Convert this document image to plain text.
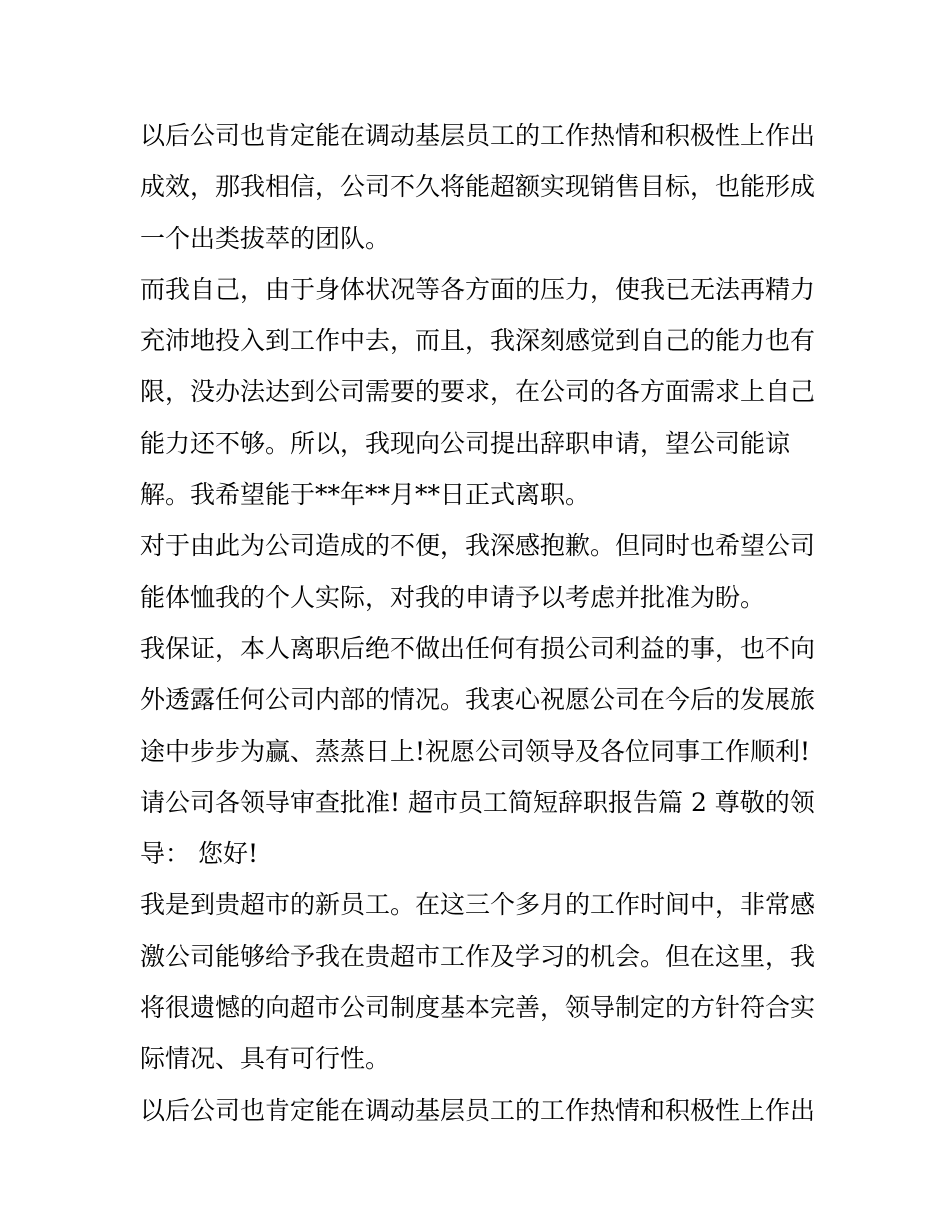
以后公司也肯定能在调动基层员工的工作热情和积极性上作出
成效，那我相信，公司不久将能超额实现销售目标，也能形成
一个出类拔萃的团队。
而我自己，由于身体状况等各方面的压力，使我已无法再精力
充沛地投入到工作中去，而且，我深刻感觉到自己的能力也有
限，没办法达到公司需要的要求，在公司的各方面需求上自己
能力还不够。所以，我现向公司提出辞职申请，望公司能谅
解。我希望能于**年**月**日正式离职。
对于由此为公司造成的不便，我深感抱歉。但同时也希望公司
能体恤我的个人实际，对我的申请予以考虑并批准为盼。
我保证，本人离职后绝不做出任何有损公司利益的事，也不向
外透露任何公司内部的情况。我衷心祝愿公司在今后的发展旅
途中步步为赢、蒸蒸日上!祝愿公司领导及各位同事工作顺利!
请公司各领导审查批准! 超市员工简短辞职报告篇 2 尊敬的领
导： 您好!
我是到贵超市的新员工。在这三个多月的工作时间中，非常感
激公司能够给予我在贵超市工作及学习的机会。但在这里，我
将很遗憾的向超市公司制度基本完善，领导制定的方针符合实
际情况、具有可行性。
以后公司也肯定能在调动基层员工的工作热情和积极性上作出
